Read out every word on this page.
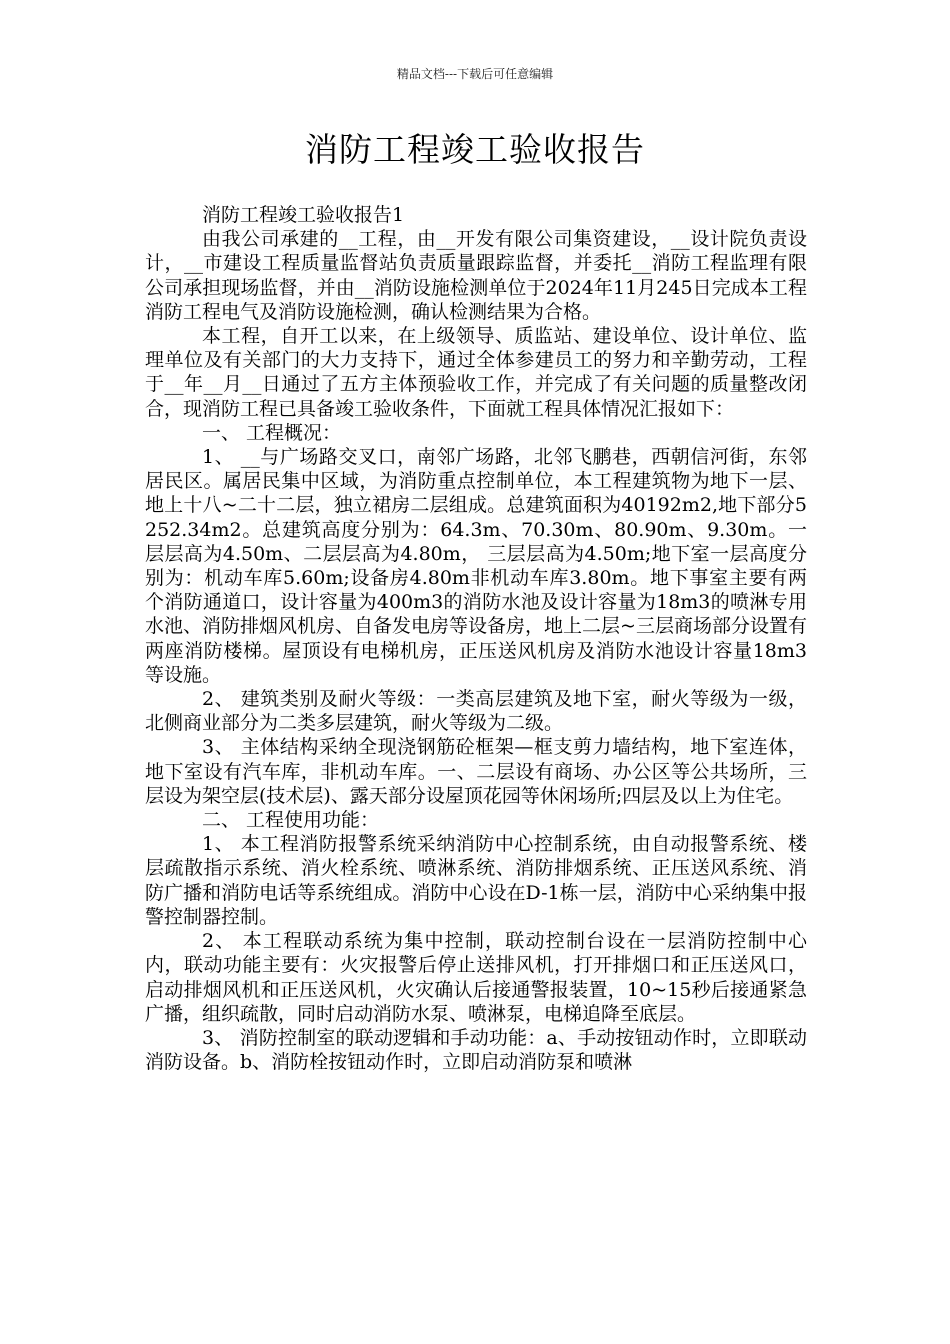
精品文档---下载后可任意编辑
消防工程竣工验收报告

消防工程竣工验收报告1

由我公司承建的__工程，由__开发有限公司集资建设，__设计院负责设计，__市建设工程质量监督站负责质量跟踪监督，并委托__消防工程监理有限公司承担现场监督，并由__消防设施检测单位于2024年11月245日完成本工程消防工程电气及消防设施检测，确认检测结果为合格。

本工程，自开工以来，在上级领导、质监站、建设单位、设计单位、监理单位及有关部门的大力支持下，通过全体参建员工的努力和辛勤劳动，工程于__年__月__日通过了五方主体预验收工作，并完成了有关问题的质量整改闭合，现消防工程已具备竣工验收条件，下面就工程具体情况汇报如下：

一、 工程概况：

1、 __与广场路交叉口，南邻广场路，北邻飞鹏巷，西朝信河街，东邻居民区。属居民集中区域，为消防重点控制单位，本工程建筑物为地下一层、地上十八~二十二层，独立裙房二层组成。总建筑面积为40192m2,地下部分5252.34m2。总建筑高度分别为：64.3m、70.30m、80.90m、9.30m。一层层高为4.50m、二层层高为4.80m， 三层层高为4.50m;地下室一层高度分别为：机动车库5.60m;设备房4.80m非机动车库3.80m。地下事室主要有两个消防通道口，设计容量为400m3的消防水池及设计容量为18m3的喷淋专用水池、消防排烟风机房、自备发电房等设备房，地上二层~三层商场部分设置有两座消防楼梯。屋顶设有电梯机房，正压送风机房及消防水池设计容量18m3等设施。

2、 建筑类别及耐火等级：一类高层建筑及地下室，耐火等级为一级，北侧商业部分为二类多层建筑，耐火等级为二级。

3、 主体结构采纳全现浇钢筋砼框架—框支剪力墙结构，地下室连体，地下室设有汽车库，非机动车库。一、二层设有商场、办公区等公共场所，三层设为架空层(技术层)、露天部分设屋顶花园等休闲场所;四层及以上为住宅。

二、 工程使用功能：

1、 本工程消防报警系统采纳消防中心控制系统，由自动报警系统、楼层疏散指示系统、消火栓系统、喷淋系统、消防排烟系统、正压送风系统、消防广播和消防电话等系统组成。消防中心设在D-1栋一层，消防中心采纳集中报警控制器控制。

2、 本工程联动系统为集中控制，联动控制台设在一层消防控制中心内，联动功能主要有：火灾报警后停止送排风机，打开排烟口和正压送风口，启动排烟风机和正压送风机，火灾确认后接通警报装置，10~15秒后接通紧急广播，组织疏散，同时启动消防水泵、喷淋泵，电梯追降至底层。

3、 消防控制室的联动逻辑和手动功能：a、手动按钮动作时，立即联动消防设备。b、消防栓按钮动作时，立即启动消防泵和喷淋
